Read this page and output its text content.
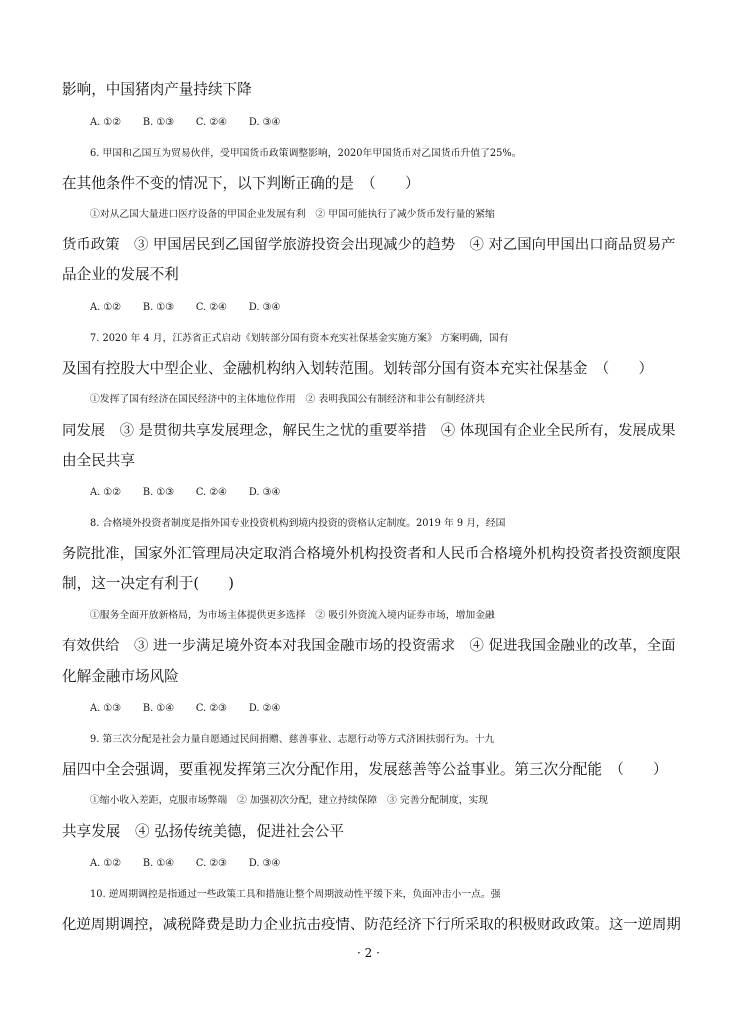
影响，中国猪肉产量持续下降
A. ①② B. ①③ C. ②④ D. ③④
6. 甲国和乙国互为贸易伙伴，受甲国货币政策调整影响，2020年甲国货币对乙国货币升值了25%。
在其他条件不变的情况下，以下判断正确的是　（　　）
①对从乙国大量进口医疗设备的甲国企业发展有利　② 甲国可能执行了减少货币发行量的紧缩
货币政策　③ 甲国居民到乙国留学旅游投资会出现减少的趋势　④ 对乙国向甲国出口商品贸易产
品企业的发展不利
A. ①② B. ①③ C. ②④ D. ③④
7. 2020 年 4 月，江苏省正式启动《划转部分国有资本充实社保基金实施方案》 方案明确，国有
及国有控股大中型企业、金融机构纳入划转范围。划转部分国有资本充实社保基金　（　　）
①发挥了国有经济在国民经济中的主体地位作用　② 表明我国公有制经济和非公有制经济共
同发展　③ 是贯彻共享发展理念，解民生之忧的重要举措　④ 体现国有企业全民所有，发展成果
由全民共享
A. ①② B. ①③ C. ②④ D. ③④
8. 合格境外投资者制度是指外国专业投资机构到境内投资的资格认定制度。2019 年 9 月，经国
务院批准，国家外汇管理局决定取消合格境外机构投资者和人民币合格境外机构投资者投资额度限
制，这一决定有利于(　　)
①服务全面开放新格局，为市场主体提供更多选择　② 吸引外资流入境内证券市场，增加金融
有效供给　③ 进一步满足境外资本对我国金融市场的投资需求　④ 促进我国金融业的改革，全面
化解金融市场风险
A. ①③ B. ①④ C. ②③ D. ②④
9. 第三次分配是社会力量自愿通过民间捐赠、慈善事业、志愿行动等方式济困扶弱行为。十九
届四中全会强调，要重视发挥第三次分配作用，发展慈善等公益事业。第三次分配能　（　　）
①缩小收入差距，克服市场弊端　② 加强初次分配，建立持续保障　③ 完善分配制度，实现
共享发展　④ 弘扬传统美德，促进社会公平
A. ①② B. ①④ C. ②③ D. ③④
10. 逆周期调控是指通过一些政策工具和措施让整个周期波动性平缓下来，负面冲击小一点。强
化逆周期调控，减税降费是助力企业抗击疫情、防范经济下行所采取的积极财政政策。这一逆周期
· 2 ·
